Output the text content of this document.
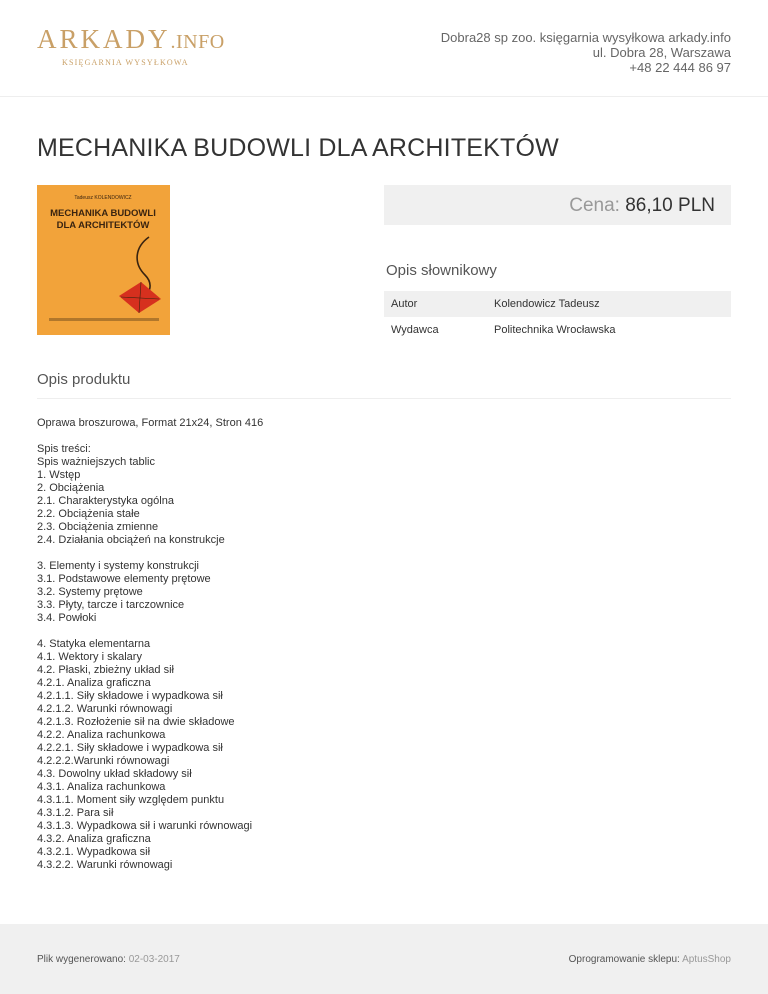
ARKADY.INFO
KSIĘGARNIA WYSYŁKOWA
Dobra28 sp zoo. księgarnia wysyłkowa arkady.info
ul. Dobra 28, Warszawa
+48 22 444 86 97
MECHANIKA BUDOWLI DLA ARCHITEKTÓW
Tadeusz KOLENDOWICZ
MECHANIKA BUDOWLI
DLA ARCHITEKTÓW
Cena: 86,10 PLN
Opis słownikowy
Autor	Kolendowicz Tadeusz
Wydawca	Politechnika Wrocławska
Opis produktu
Oprawa broszurowa, Format 21x24, Stron 416
Spis treści:
Spis ważniejszych tablic
1. Wstęp
2. Obciążenia
2.1. Charakterystyka ogólna
2.2. Obciążenia stałe
2.3. Obciążenia zmienne
2.4. Działania obciążeń na konstrukcje
3. Elementy i systemy konstrukcji
3.1. Podstawowe elementy prętowe
3.2. Systemy prętowe
3.3. Płyty, tarcze i tarczownice
3.4. Powłoki
4. Statyka elementarna
4.1. Wektory i skalary
4.2. Płaski, zbieżny układ sił
4.2.1. Analiza graficzna
4.2.1.1. Siły składowe i wypadkowa sił
4.2.1.2. Warunki równowagi
4.2.1.3. Rozłożenie sił na dwie składowe
4.2.2. Analiza rachunkowa
4.2.2.1. Siły składowe i wypadkowa sił
4.2.2.2.Warunki równowagi
4.3. Dowolny układ składowy sił
4.3.1. Analiza rachunkowa
4.3.1.1. Moment siły względem punktu
4.3.1.2. Para sił
4.3.1.3. Wypadkowa sił i warunki równowagi
4.3.2. Analiza graficzna
4.3.2.1. Wypadkowa sił
4.3.2.2. Warunki równowagi
Plik wygenerowano: 02-03-2017	Oprogramowanie sklepu: AptusShop
